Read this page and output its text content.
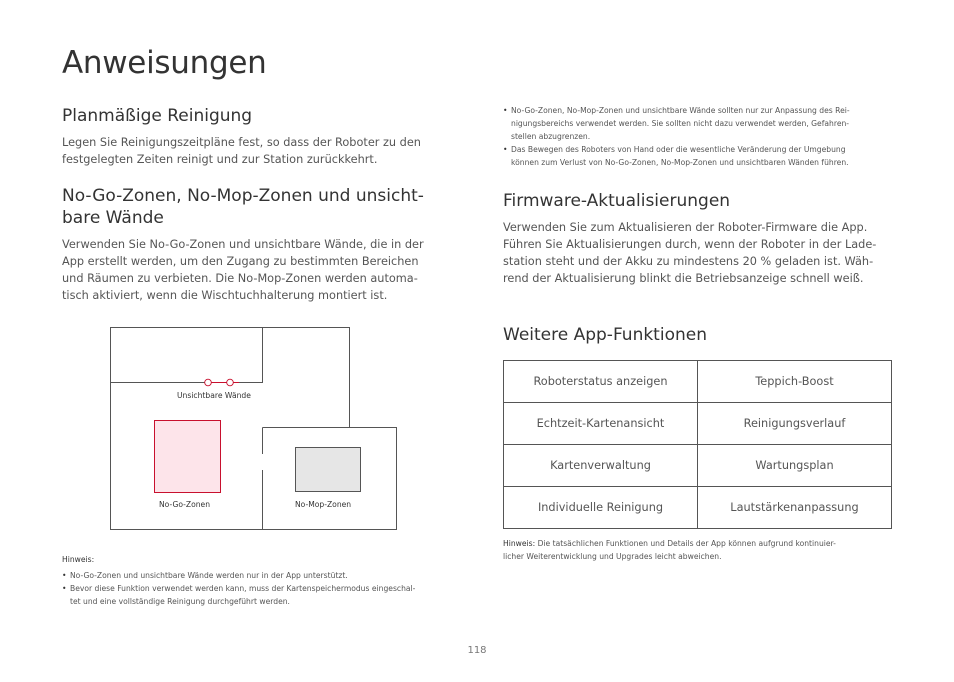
Anweisungen
Planmäßige Reinigung
Legen Sie Reinigungszeitpläne fest, so dass der Roboter zu den
festgelegten Zeiten reinigt und zur Station zurückkehrt.
No-Go-Zonen, No-Mop-Zonen und unsicht-
bare Wände
Verwenden Sie No-Go-Zonen und unsichtbare Wände, die in der
App erstellt werden, um den Zugang zu bestimmten Bereichen
und Räumen zu verbieten. Die No-Mop-Zonen werden automa-
tisch aktiviert, wenn die Wischtuchhalterung montiert ist.
Unsichtbare Wände
No-Go-Zonen	No-Mop-Zonen
Hinweis:
• No-Go-Zonen und unsichtbare Wände werden nur in der App unterstützt.
• Bevor diese Funktion verwendet werden kann, muss der Kartenspeichermodus eingeschal-
tet und eine vollständige Reinigung durchgeführt werden.
• No-Go-Zonen, No-Mop-Zonen und unsichtbare Wände sollten nur zur Anpassung des Rei-
nigungsbereichs verwendet werden. Sie sollten nicht dazu verwendet werden, Gefahren-
stellen abzugrenzen.
• Das Bewegen des Roboters von Hand oder die wesentliche Veränderung der Umgebung
können zum Verlust von No-Go-Zonen, No-Mop-Zonen und unsichtbaren Wänden führen.
Firmware-Aktualisierungen
Verwenden Sie zum Aktualisieren der Roboter-Firmware die App.
Führen Sie Aktualisierungen durch, wenn der Roboter in der Lade-
station steht und der Akku zu mindestens 20 % geladen ist. Wäh-
rend der Aktualisierung blinkt die Betriebsanzeige schnell weiß.
Weitere App-Funktionen
Roboterstatus anzeigen	Teppich-Boost
Echtzeit-Kartenansicht	Reinigungsverlauf
Kartenverwaltung	Wartungsplan
Individuelle Reinigung	Lautstärkenanpassung
Hinweis: Die tatsächlichen Funktionen und Details der App können aufgrund kontinuier-
licher Weiterentwicklung und Upgrades leicht abweichen.
118
